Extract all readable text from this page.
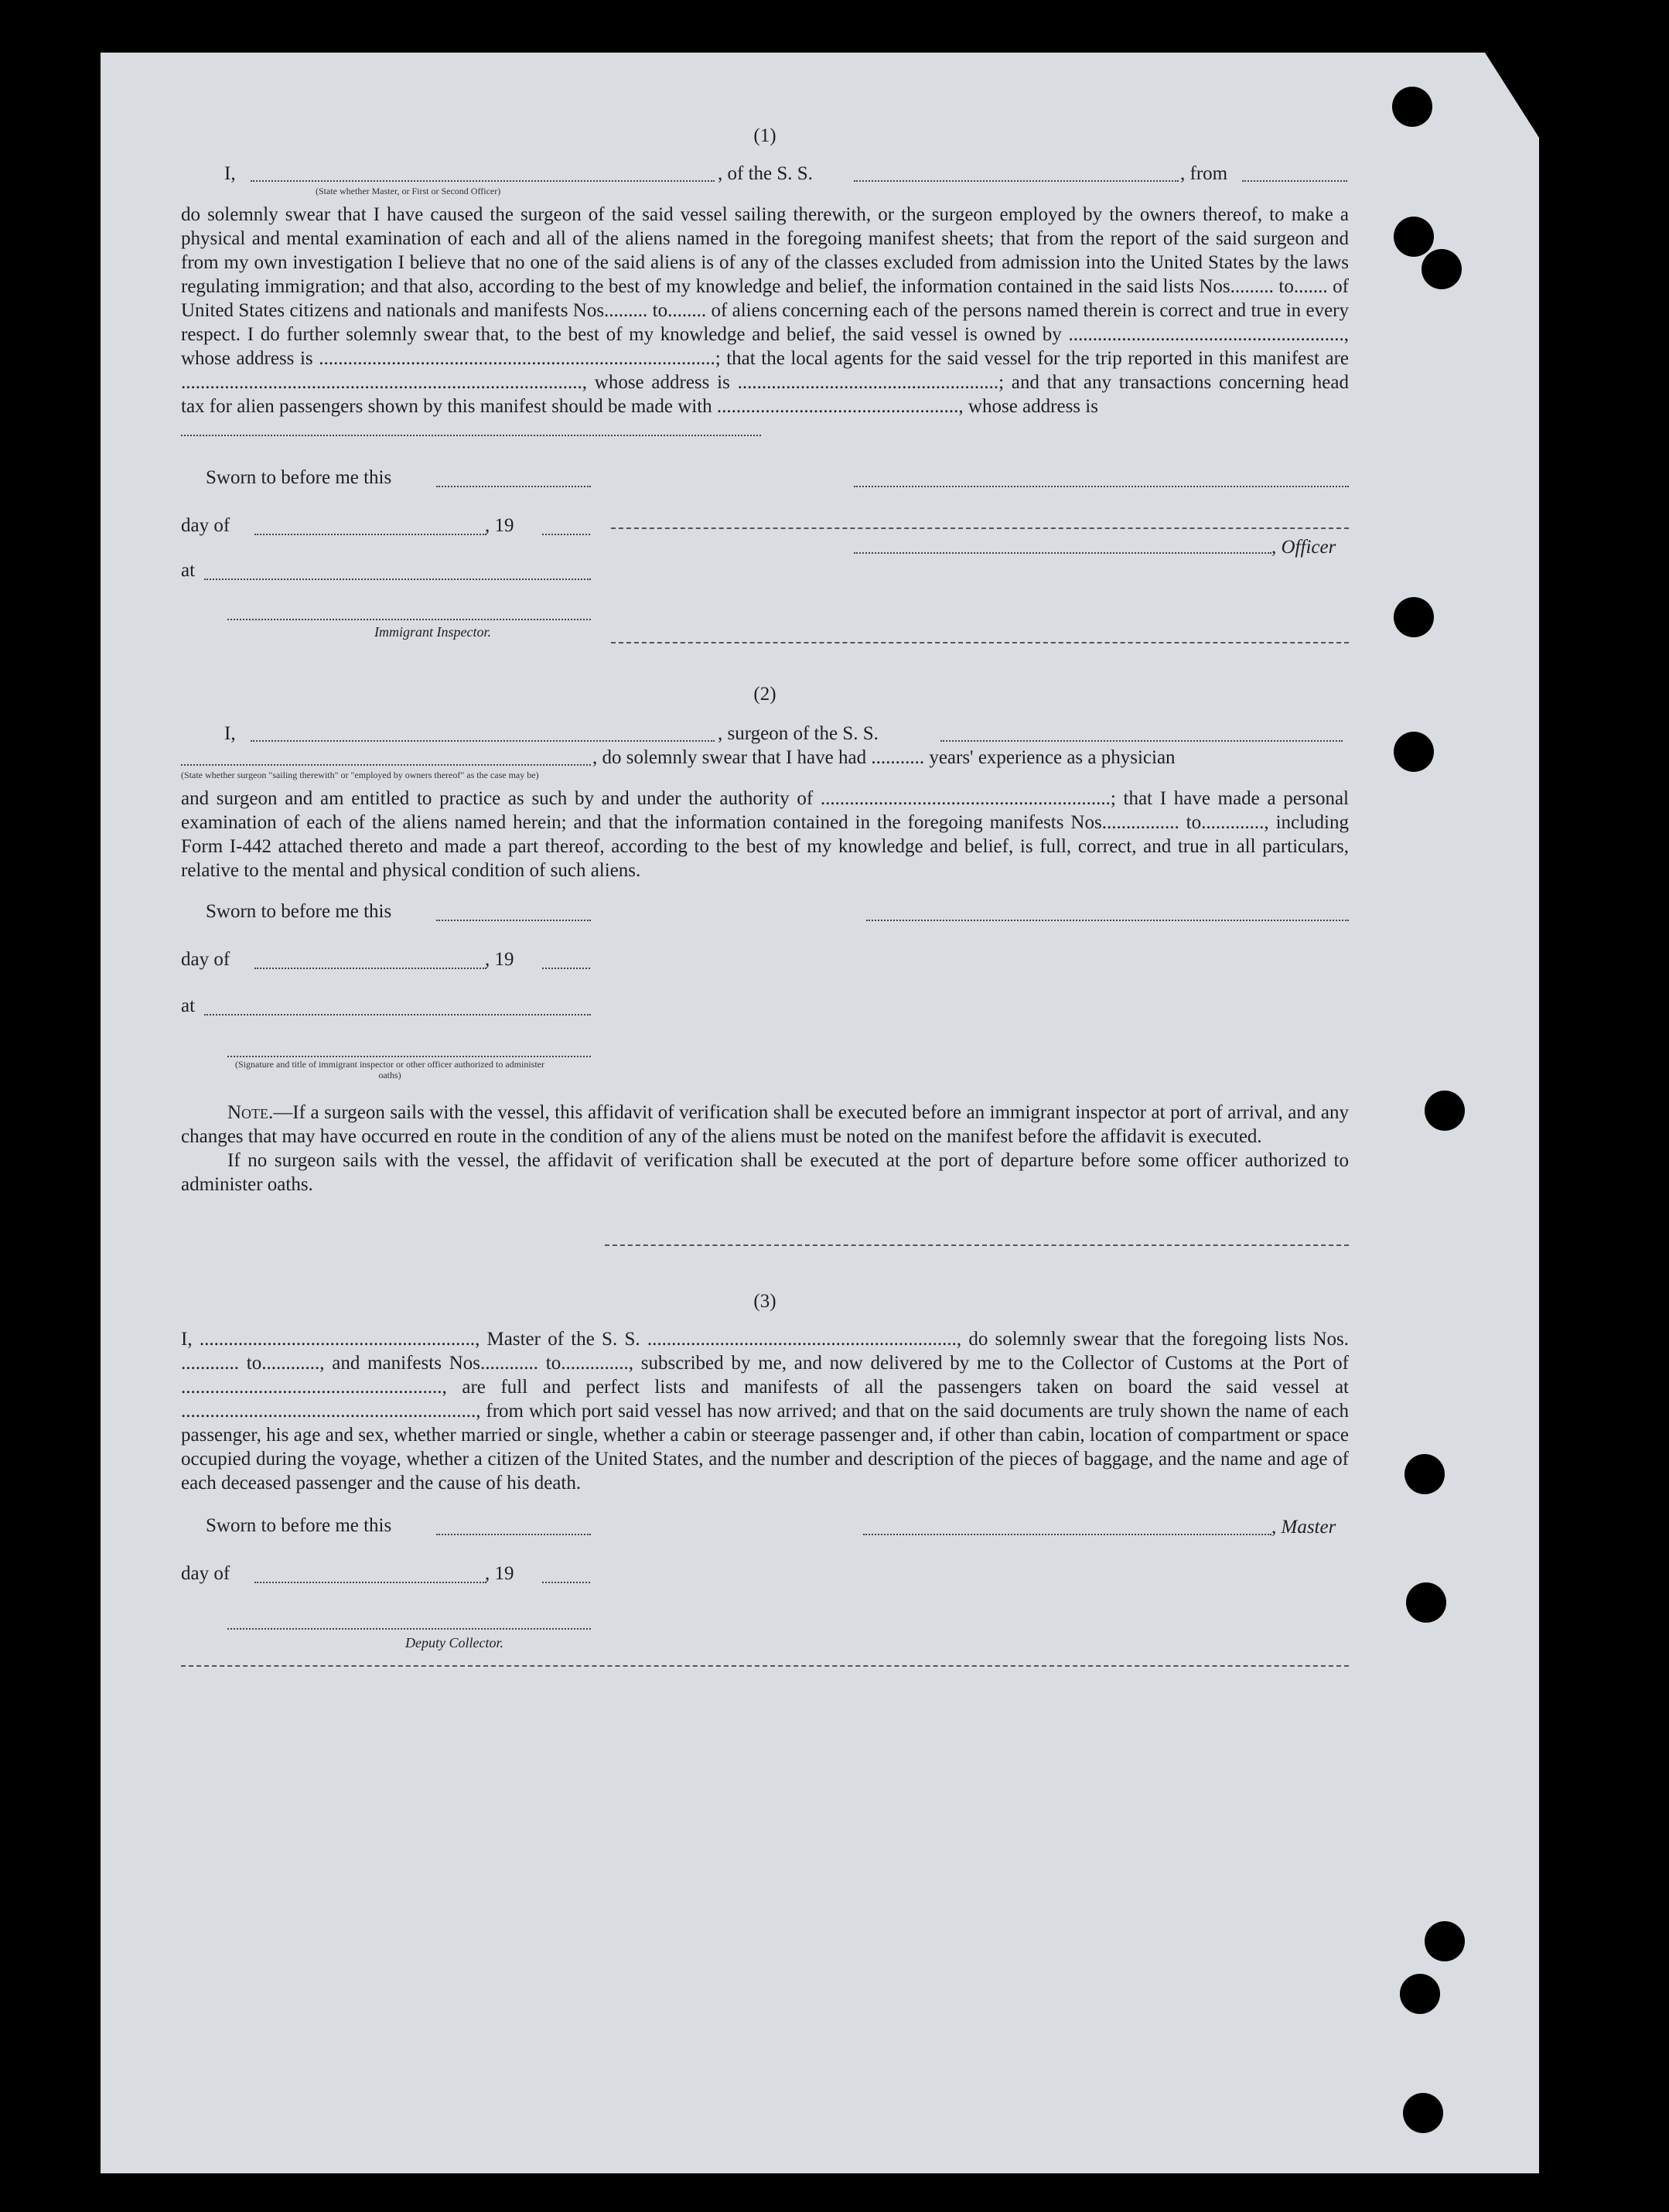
(1)
I,	, of the S. S.	, from
(State whether Master, or First or Second Officer)

do solemnly swear that I have caused the surgeon of the said vessel sailing therewith, or the surgeon employed by the owners thereof, to make a physical and mental examination of each and all of the aliens named in the foregoing manifest sheets; that from the report of the said surgeon and from my own investigation I believe that no one of the said aliens is of any of the classes excluded from admission into the United States by the laws regulating immigration; and that also, according to the best of my knowledge and belief, the information contained in the said lists Nos......... to....... of United States citizens and nationals and manifests Nos......... to........ of aliens concerning each of the persons named therein is correct and true in every respect. I do further solemnly swear that, to the best of my knowledge and belief, the said vessel is owned by ........................................................., whose address is ..................................................................................; that the local agents for the said vessel for the trip reported in this manifest are ..................................................................................., whose address is ......................................................; and that any transactions concerning head tax for alien passengers shown by this manifest should be made with .................................................., whose address is

Sworn to before me this
day of	, 19
, Officer
at
Immigrant Inspector.
(2)
I,	, surgeon of the S. S.
, do solemnly swear that I have had ........... years' experience as a physician
(State whether surgeon "sailing therewith" or "employed by owners thereof" as the case may be)

and surgeon and am entitled to practice as such by and under the authority of ............................................................; that I have made a personal examination of each of the aliens named herein; and that the information contained in the foregoing manifests Nos................ to............., including Form I-442 attached thereto and made a part thereof, according to the best of my knowledge and belief, is full, correct, and true in all particulars, relative to the mental and physical condition of such aliens.

Sworn to before me this
day of	, 19
at
(Signature and title of immigrant inspector or other officer authorized to administer oaths)

Note.—If a surgeon sails with the vessel, this affidavit of verification shall be executed before an immigrant inspector at port of arrival, and any changes that may have occurred en route in the condition of any of the aliens must be noted on the manifest before the affidavit is executed.

If no surgeon sails with the vessel, the affidavit of verification shall be executed at the port of departure before some officer authorized to administer oaths.

(3)

I, ........................................................., Master of the S. S. ................................................................, do solemnly swear that the foregoing lists Nos. ............ to............, and manifests Nos............ to.............., subscribed by me, and now delivered by me to the Collector of Customs at the Port of ......................................................, are full and perfect lists and manifests of all the passengers taken on board the said vessel at ............................................................., from which port said vessel has now arrived; and that on the said documents are truly shown the name of each passenger, his age and sex, whether married or single, whether a cabin or steerage passenger and, if other than cabin, location of compartment or space occupied during the voyage, whether a citizen of the United States, and the number and description of the pieces of baggage, and the name and age of each deceased passenger and the cause of his death.

Sworn to before me this	, Master
day of	, 19
Deputy Collector.
